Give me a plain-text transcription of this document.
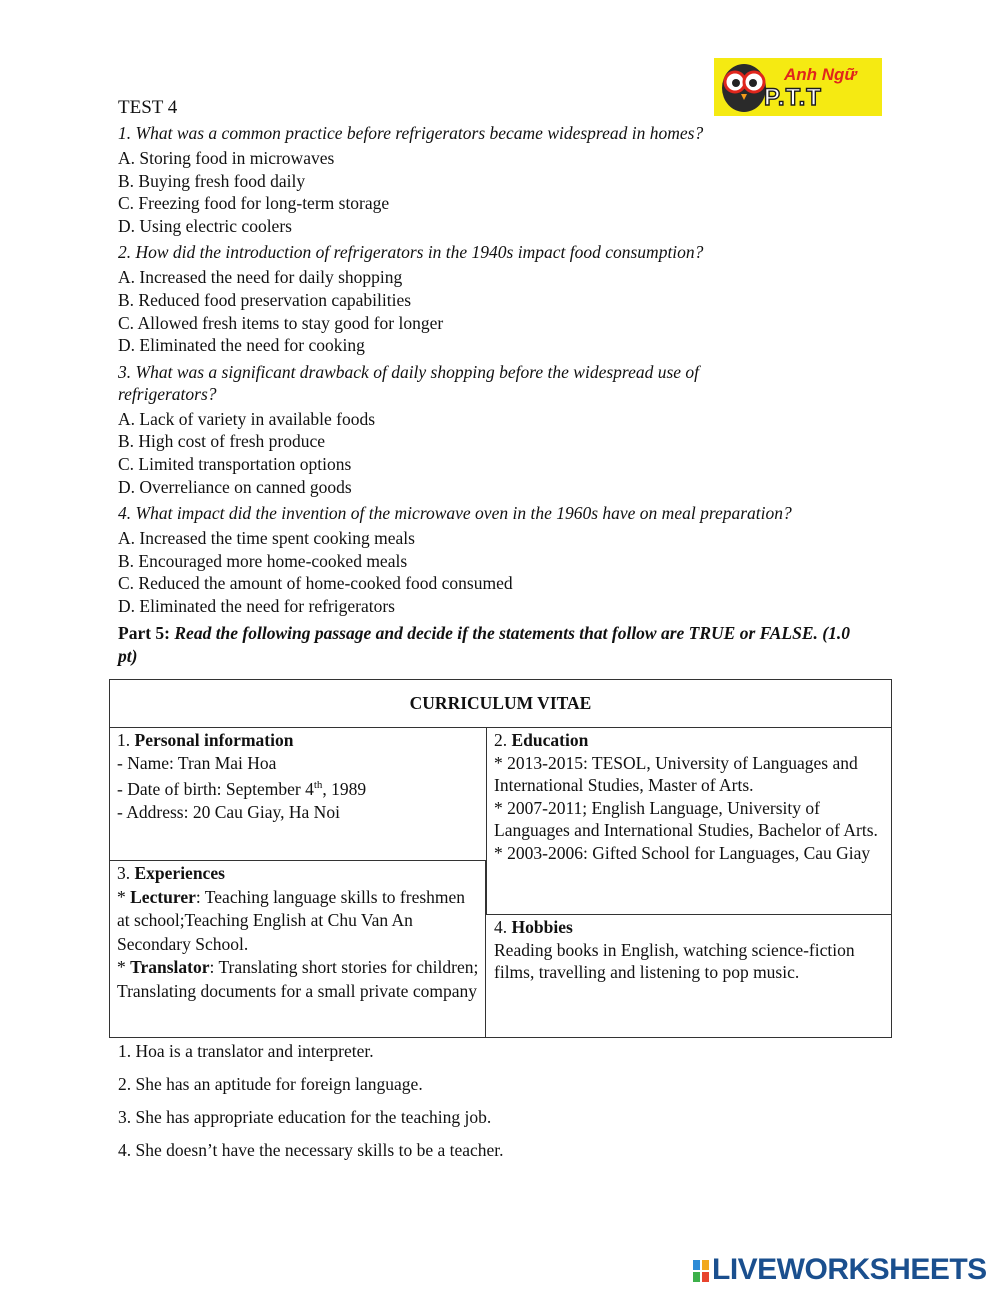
Anh Ngữ
P.T.T
TEST 4
1. What was a common practice before refrigerators became widespread in homes?
A. Storing food in microwaves
B. Buying fresh food daily
C. Freezing food for long-term storage
D. Using electric coolers
2. How did the introduction of refrigerators in the 1940s impact food consumption?
A. Increased the need for daily shopping
B. Reduced food preservation capabilities
C. Allowed fresh items to stay good for longer
D. Eliminated the need for cooking
3. What was a significant drawback of daily shopping before the widespread use of refrigerators?
A. Lack of variety in available foods
B. High cost of fresh produce
C. Limited transportation options
D. Overreliance on canned goods
4. What impact did the invention of the microwave oven in the 1960s have on meal preparation?
A. Increased the time spent cooking meals
B. Encouraged more home-cooked meals
C. Reduced the amount of home-cooked food consumed
D. Eliminated the need for refrigerators
Part 5: Read the following passage and decide if the statements that follow are TRUE or FALSE. (1.0 pt)
CURRICULUM VITAE

1. Personal information
- Name: Tran Mai Hoa
- Date of birth: September 4th, 1989
- Address: 20 Cau Giay, Ha Noi

2. Education
* 2013-2015: TESOL, University of Languages and International Studies, Master of Arts.
* 2007-2011; English Language, University of Languages and International Studies, Bachelor of Arts.
* 2003-2006: Gifted School for Languages, Cau Giay
3. Experiences
* Lecturer: Teaching language skills to freshmen at school;Teaching English at Chu Van An Secondary School.
* Translator: Translating short stories for children; Translating documents for a small private company
4. Hobbies
Reading books in English, watching science-fiction films, travelling and listening to pop music.
1. Hoa is a translator and interpreter.
2. She has an aptitude for foreign language.
3. She has appropriate education for the teaching job.
4. She doesn’t have the necessary skills to be a teacher.
LIVEWORKSHEETS
